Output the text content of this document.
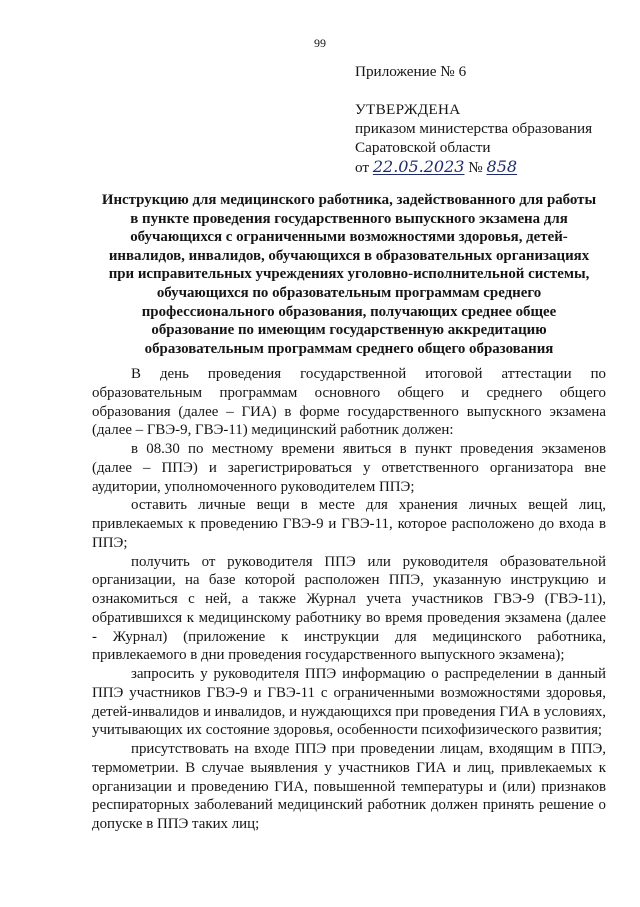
99
Приложение № 6
УТВЕРЖДЕНА
приказом министерства образования
Саратовской области
от 22.05.2023 № 858
Инструкцию для медицинского работника, задействованного для работы
в пункте проведения государственного выпускного экзамена для
обучающихся с ограниченными возможностями здоровья, детей-
инвалидов, инвалидов, обучающихся в образовательных организациях
при исправительных учреждениях уголовно-исполнительной системы,
обучающихся по образовательным программам среднего
профессионального образования, получающих среднее общее
образование по имеющим государственную аккредитацию
образовательным программам среднего общего образования

В день проведения государственной итоговой аттестации по образовательным программам основного общего и среднего общего образования (далее – ГИА) в форме государственного выпускного экзамена (далее – ГВЭ-9, ГВЭ-11) медицинский работник должен:

в 08.30 по местному времени явиться в пункт проведения экзаменов (далее – ППЭ) и зарегистрироваться у ответственного организатора вне аудитории, уполномоченного руководителем ППЭ;

оставить личные вещи в месте для хранения личных вещей лиц, привлекаемых к проведению ГВЭ-9 и ГВЭ-11, которое расположено до входа в ППЭ;

получить от руководителя ППЭ или руководителя образовательной организации, на базе которой расположен ППЭ, указанную инструкцию и ознакомиться с ней, а также Журнал учета участников ГВЭ-9 (ГВЭ-11), обратившихся к медицинскому работнику во время проведения экзамена (далее - Журнал) (приложение к инструкции для медицинского работника, привлекаемого в дни проведения государственного выпускного экзамена);

запросить у руководителя ППЭ информацию о распределении в данный ППЭ участников ГВЭ-9 и ГВЭ-11 с ограниченными возможностями здоровья, детей-инвалидов и инвалидов, и нуждающихся при проведения ГИА в условиях, учитывающих их состояние здоровья, особенности психофизического развития;

присутствовать на входе ППЭ при проведении лицам, входящим в ППЭ, термометрии. В случае выявления у участников ГИА и лиц, привлекаемых к организации и проведению ГИА, повышенной температуры и (или) признаков респираторных заболеваний медицинский работник должен принять решение о допуске в ППЭ таких лиц;
